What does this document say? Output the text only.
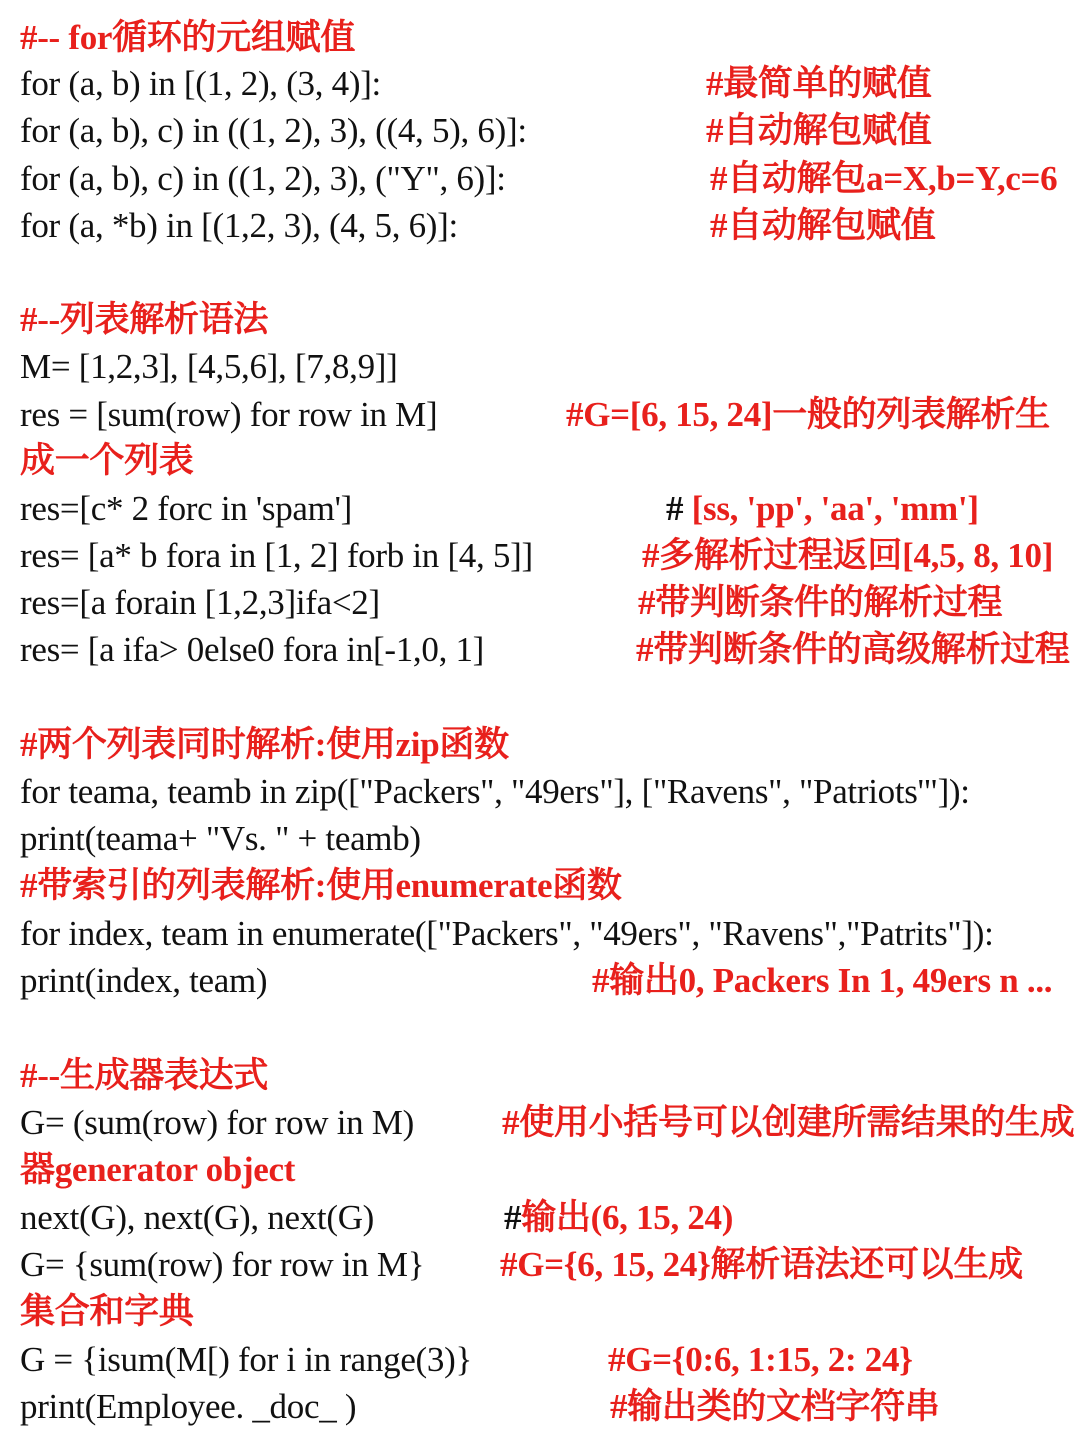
#-- for循环的元组赋值
for (a, b) in [(1, 2), (3, 4)]:	#最简单的赋值
for (a, b), c) in ((1, 2), 3), ((4, 5), 6)]:	#自动解包赋值
for (a, b), c) in ((1, 2), 3), ("Y", 6)]:	#自动解包a=X,b=Y,c=6
for (a, *b) in [(1,2, 3), (4, 5, 6)]:	#自动解包赋值
#--列表解析语法
M= [1,2,3], [4,5,6], [7,8,9]]
res = [sum(row) for row in M]	#G=[6, 15, 24]一般的列表解析生
成一个列表
res=[c* 2 forc in 'spam']	# [ss, 'pp', 'aa', 'mm']
res= [a* b fora in [1, 2] forb in [4, 5]]	#多解析过程返回[4,5, 8, 10]
res=[a forain [1,2,3]ifa<2]	#带判断条件的解析过程
res= [a ifa> 0else0 fora in[-1,0, 1]	#带判断条件的高级解析过程
#两个列表同时解析:使用zip函数
for teama, teamb in zip(["Packers", "49ers"], ["Ravens", "Patriots'"]):
print(teama+ "Vs. " + teamb)
#带索引的列表解析:使用enumerate函数
for index, team in enumerate(["Packers", "49ers", "Ravens","Patrits"]):
print(index, team)	#输出0, Packers In 1, 49ers n ...
#--生成器表达式
G= (sum(row) for row in M)	#使用小括号可以创建所需结果的生成
器generator object
next(G), next(G), next(G)	#输出(6, 15, 24)
G= {sum(row) for row in M} #G={6, 15, 24}解析语法还可以生成
集合和字典
G = {isum(M[) for i in range(3)}	#G={0:6, 1:15, 2: 24}
print(Employee. _doc_ )	#输出类的文档字符串
